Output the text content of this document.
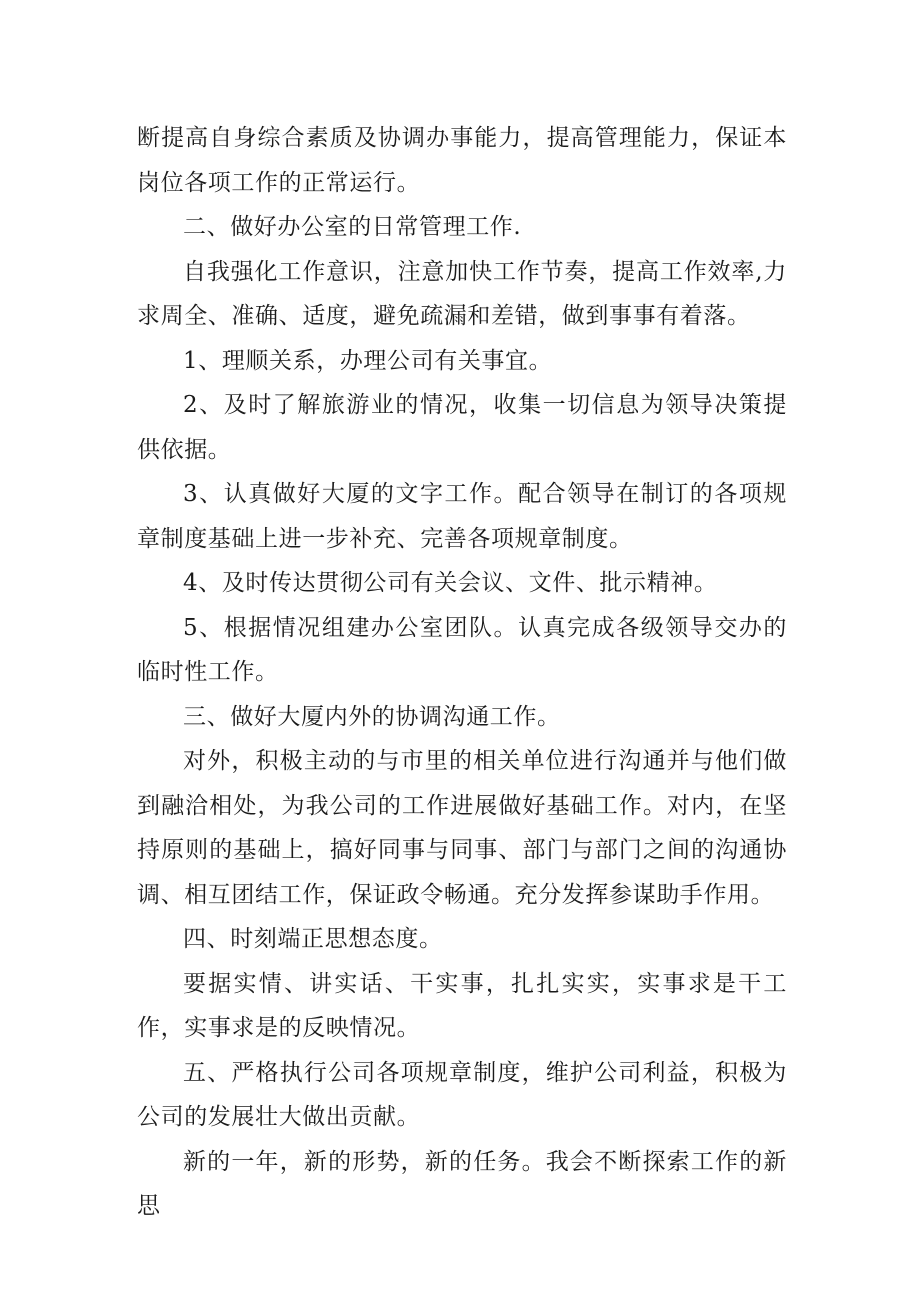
断提高自身综合素质及协调办事能力，提高管理能力，保证本岗位各项工作的正常运行。

二、做好办公室的日常管理工作.

自我强化工作意识，注意加快工作节奏，提高工作效率,力求周全、准确、适度，避免疏漏和差错，做到事事有着落。

1、理顺关系，办理公司有关事宜。

2、及时了解旅游业的情况，收集一切信息为领导决策提供依据。

3、认真做好大厦的文字工作。配合领导在制订的各项规章制度基础上进一步补充、完善各项规章制度。

4、及时传达贯彻公司有关会议、文件、批示精神。

5、根据情况组建办公室团队。认真完成各级领导交办的临时性工作。

三、做好大厦内外的协调沟通工作。

对外，积极主动的与市里的相关单位进行沟通并与他们做到融洽相处，为我公司的工作进展做好基础工作。对内，在坚持原则的基础上，搞好同事与同事、部门与部门之间的沟通协调、相互团结工作，保证政令畅通。充分发挥参谋助手作用。

四、时刻端正思想态度。

要据实情、讲实话、干实事，扎扎实实，实事求是干工作，实事求是的反映情况。

五、严格执行公司各项规章制度，维护公司利益，积极为公司的发展壮大做出贡献。

新的一年，新的形势，新的任务。我会不断探索工作的新思
